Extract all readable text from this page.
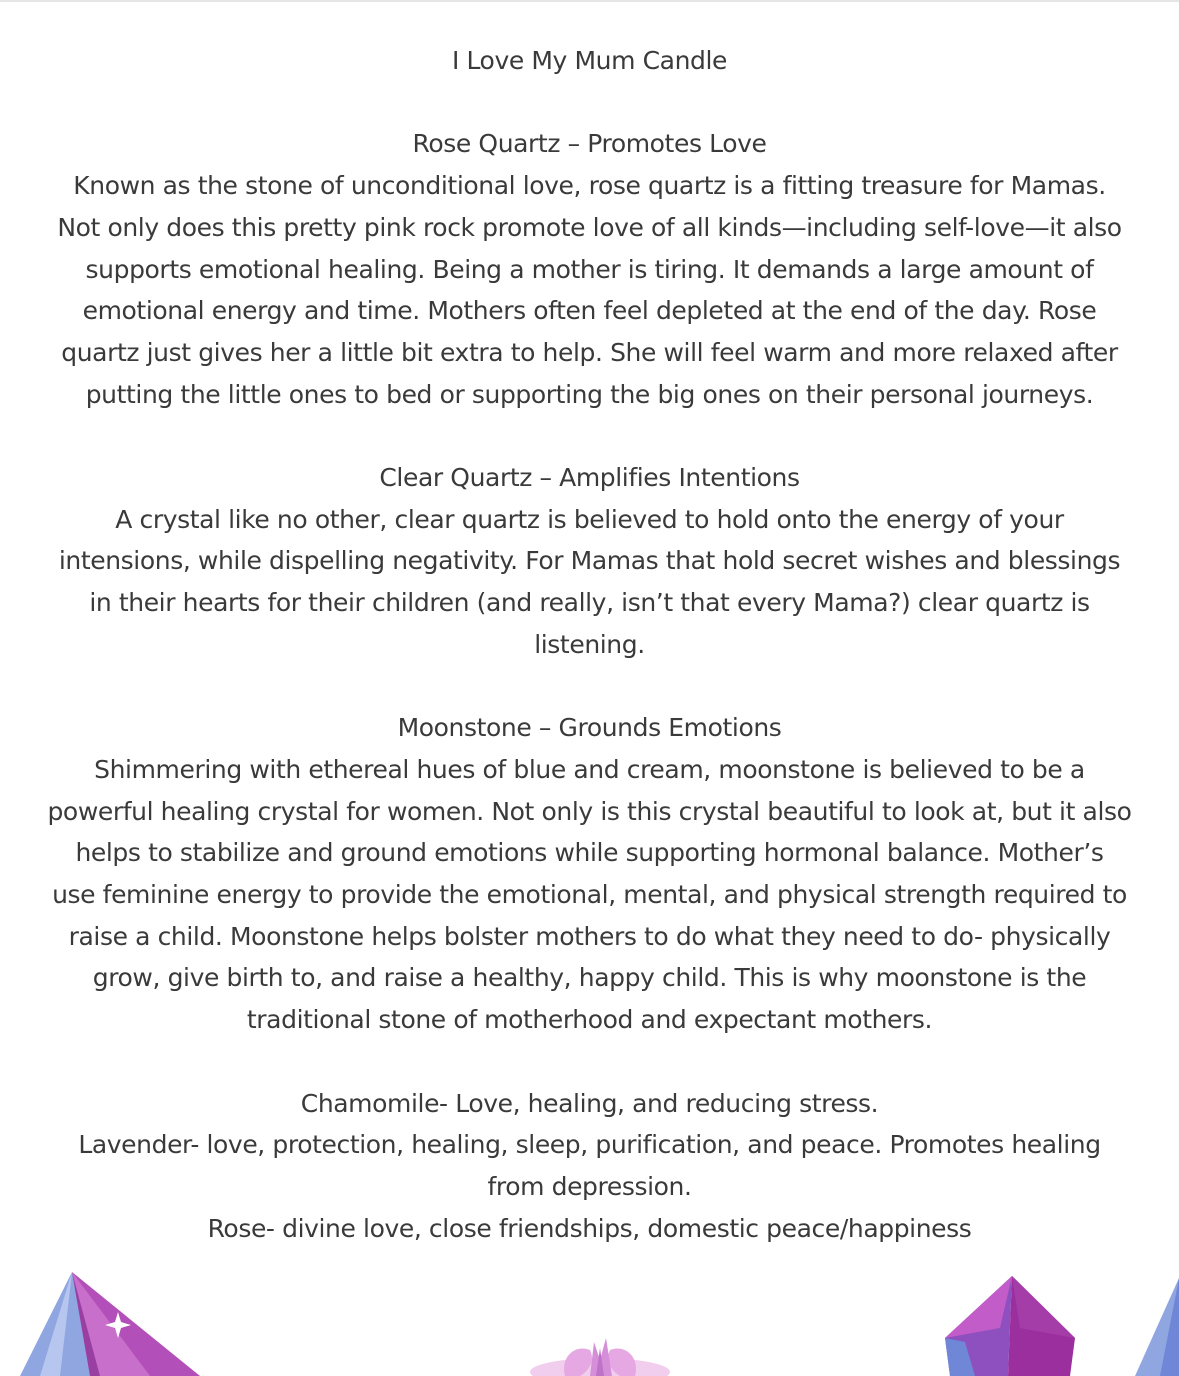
I Love My Mum Candle

Rose Quartz – Promotes Love

Known as the stone of unconditional love, rose quartz is a fitting treasure for Mamas.

Not only does this pretty pink rock promote love of all kinds—including self-love—it also

supports emotional healing. Being a mother is tiring. It demands a large amount of

emotional energy and time. Mothers often feel depleted at the end of the day. Rose

quartz just gives her a little bit extra to help. She will feel warm and more relaxed after

putting the little ones to bed or supporting the big ones on their personal journeys.

Clear Quartz – Amplifies Intentions

A crystal like no other, clear quartz is believed to hold onto the energy of your

intensions, while dispelling negativity. For Mamas that hold secret wishes and blessings

in their hearts for their children (and really, isn’t that every Mama?) clear quartz is

listening.

Moonstone – Grounds Emotions

Shimmering with ethereal hues of blue and cream, moonstone is believed to be a

powerful healing crystal for women. Not only is this crystal beautiful to look at, but it also

helps to stabilize and ground emotions while supporting hormonal balance. Mother’s

use feminine energy to provide the emotional, mental, and physical strength required to

raise a child. Moonstone helps bolster mothers to do what they need to do- physically

grow, give birth to, and raise a healthy, happy child. This is why moonstone is the

traditional stone of motherhood and expectant mothers.

Chamomile- Love, healing, and reducing stress.

Lavender- love, protection, healing, sleep, purification, and peace. Promotes healing

from depression.

Rose- divine love, close friendships, domestic peace/happiness
